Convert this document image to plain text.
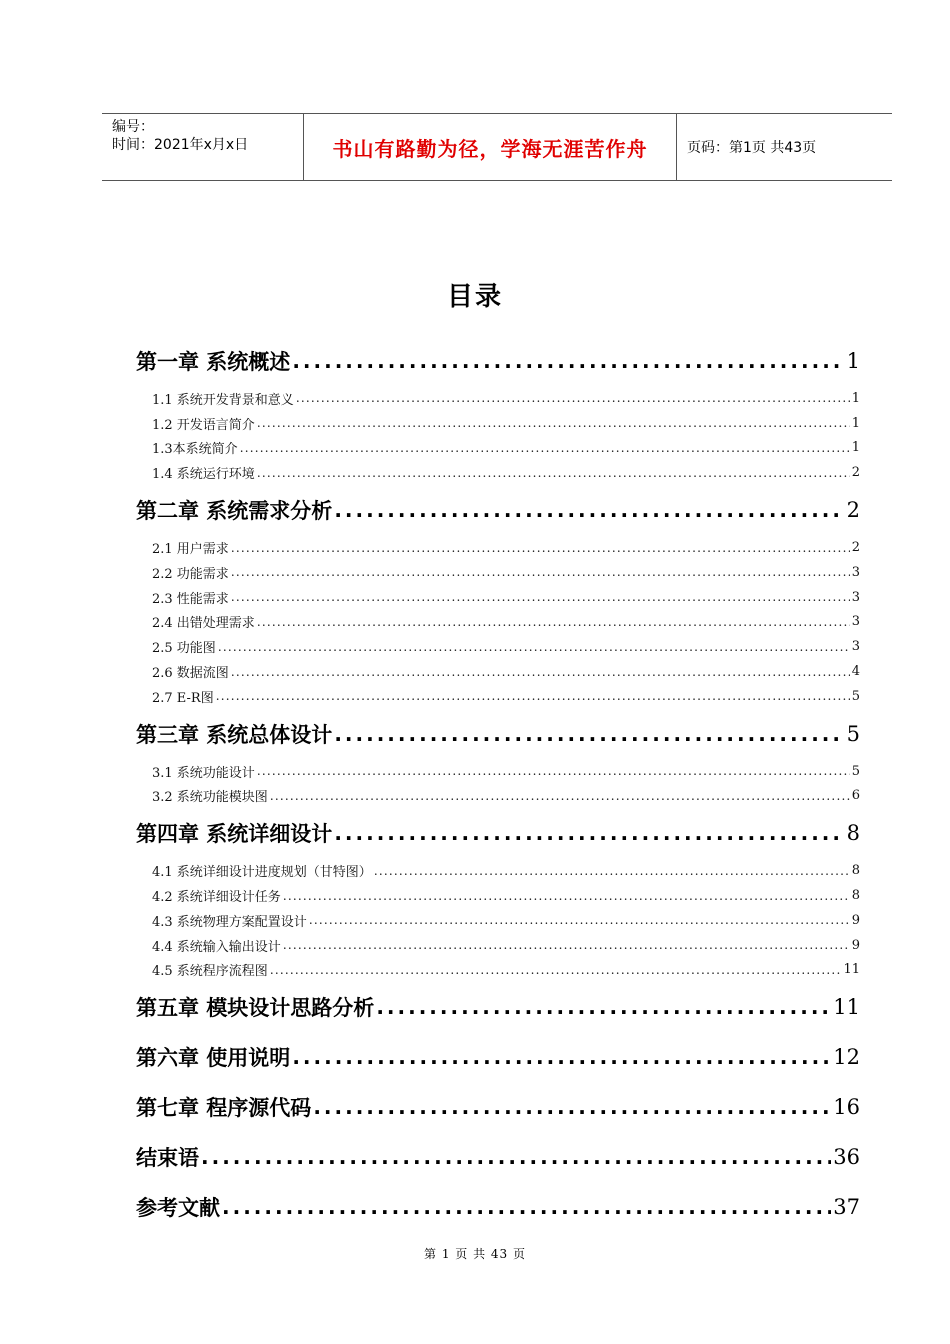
编号：
时间：2021年x月x日	书山有路勤为径，学海无涯苦作舟	页码：第1页 共43页
目录
第一章 系统概述 .....	1
1.1 系统开发背景和意义 .....	1
1.2 开发语言简介 .....	1
1.3本系统简介 .....	1
1.4 系统运行环境 .....	2
第二章 系统需求分析 .....	2
2.1 用户需求 .....	2
2.2 功能需求 .....	3
2.3 性能需求 .....	3
2.4 出错处理需求 .....	3
2.5 功能图 .....	3
2.6 数据流图 .....	4
2.7 E-R图 .....	5
第三章 系统总体设计 .....	5
3.1 系统功能设计 .....	5
3.2 系统功能模块图 .....	6
第四章 系统详细设计 .....	8
4.1 系统详细设计进度规划（甘特图） .....	8
4.2 系统详细设计任务 .....	8
4.3 系统物理方案配置设计 .....	9
4.4 系统输入输出设计 .....	9
4.5 系统程序流程图 .....	11
第五章 模块设计思路分析 .....	11
第六章 使用说明 .....	12
第七章 程序源代码 .....	16
结束语 .....	36
参考文献 .....	37
第 1 页 共 43 页
